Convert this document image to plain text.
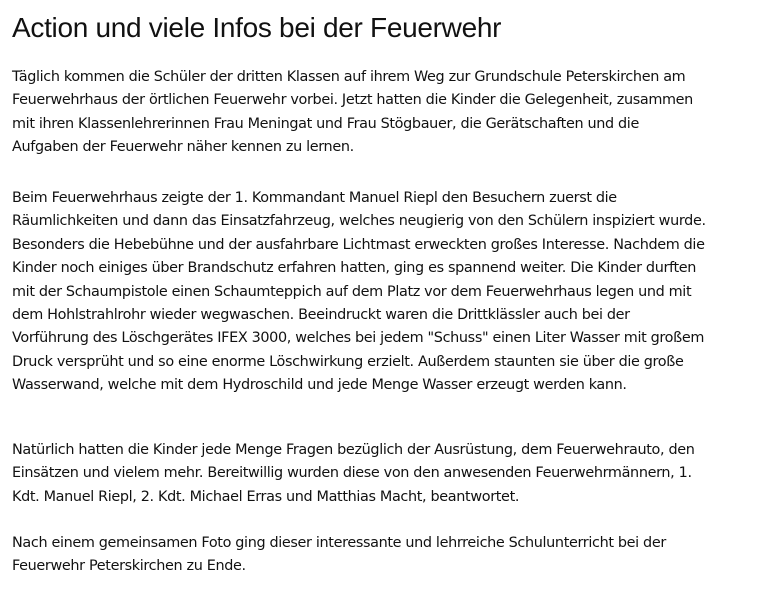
Action und viele Infos bei der Feuerwehr

Täglich kommen die Schüler der dritten Klassen auf ihrem Weg zur Grundschule Peterskirchen am
Feuerwehrhaus der örtlichen Feuerwehr vorbei. Jetzt hatten die Kinder die Gelegenheit, zusammen
mit ihren Klassenlehrerinnen Frau Meningat und Frau Stögbauer, die Gerätschaften und die
Aufgaben der Feuerwehr näher kennen zu lernen.

Beim Feuerwehrhaus zeigte der 1. Kommandant Manuel Riepl den Besuchern zuerst die
Räumlichkeiten und dann das Einsatzfahrzeug, welches neugierig von den Schülern inspiziert wurde.
Besonders die Hebebühne und der ausfahrbare Lichtmast erweckten großes Interesse. Nachdem die
Kinder noch einiges über Brandschutz erfahren hatten, ging es spannend weiter. Die Kinder durften
mit der Schaumpistole einen Schaumteppich auf dem Platz vor dem Feuerwehrhaus legen und mit
dem Hohlstrahlrohr wieder wegwaschen. Beeindruckt waren die Drittklässler auch bei der
Vorführung des Löschgerätes IFEX 3000, welches bei jedem "Schuss" einen Liter Wasser mit großem
Druck versprüht und so eine enorme Löschwirkung erzielt. Außerdem staunten sie über die große
Wasserwand, welche mit dem Hydroschild und jede Menge Wasser erzeugt werden kann.

Natürlich hatten die Kinder jede Menge Fragen bezüglich der Ausrüstung, dem Feuerwehrauto, den
Einsätzen und vielem mehr. Bereitwillig wurden diese von den anwesenden Feuerwehrmännern, 1.
Kdt. Manuel Riepl, 2. Kdt. Michael Erras und Matthias Macht, beantwortet.

Nach einem gemeinsamen Foto ging dieser interessante und lehrreiche Schulunterricht bei der
Feuerwehr Peterskirchen zu Ende.
